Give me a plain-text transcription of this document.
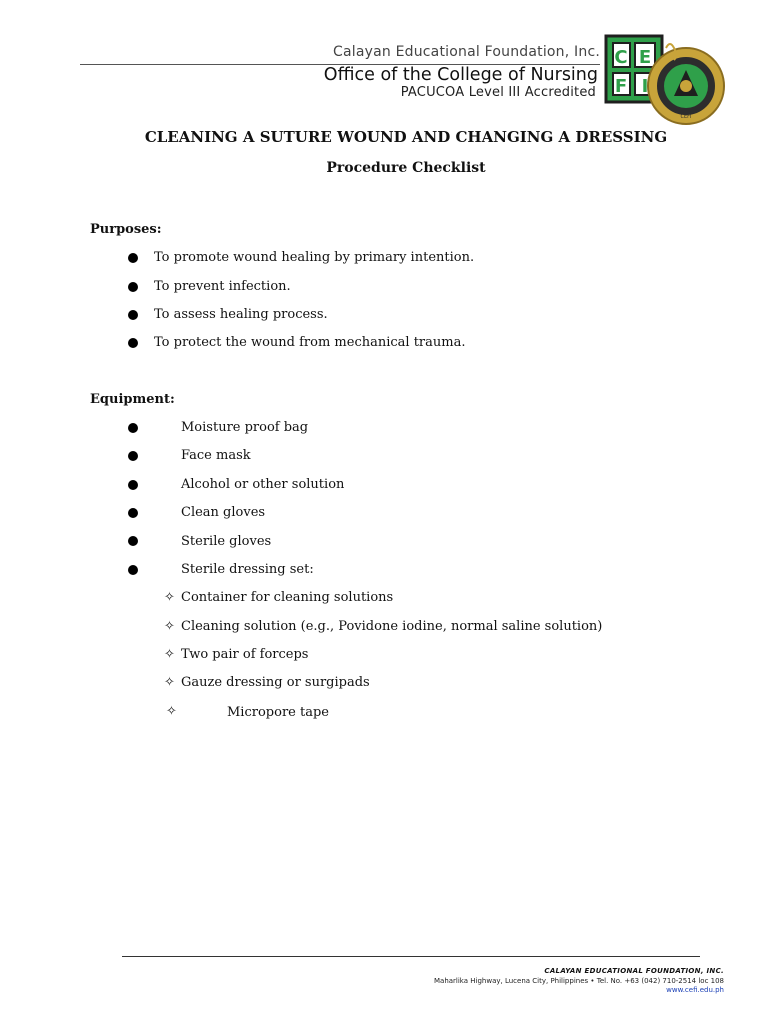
Calayan Educational Foundation, Inc.
Office of the College of Nursing
PACUCOA Level III Accredited
C E
F I
CEFI
CLEANING A SUTURE WOUND AND CHANGING A DRESSING
Procedure Checklist
Purposes:
To promote wound healing by primary intention.
To prevent infection.
To assess healing process.
To protect the wound from mechanical trauma.
Equipment:
Moisture proof bag
Face mask
Alcohol or other solution
Clean gloves
Sterile gloves
Sterile dressing set:
✧ Container for cleaning solutions
✧ Cleaning solution (e.g., Povidone iodine, normal saline solution)
✧ Two pair of forceps
✧ Gauze dressing or surgipads
✧	Micropore tape
CALAYAN EDUCATIONAL FOUNDATION, INC.
Maharlika Highway, Lucena City, Philippines • Tel. No. +63 (042) 710-2514 loc 108
www.cefi.edu.ph
